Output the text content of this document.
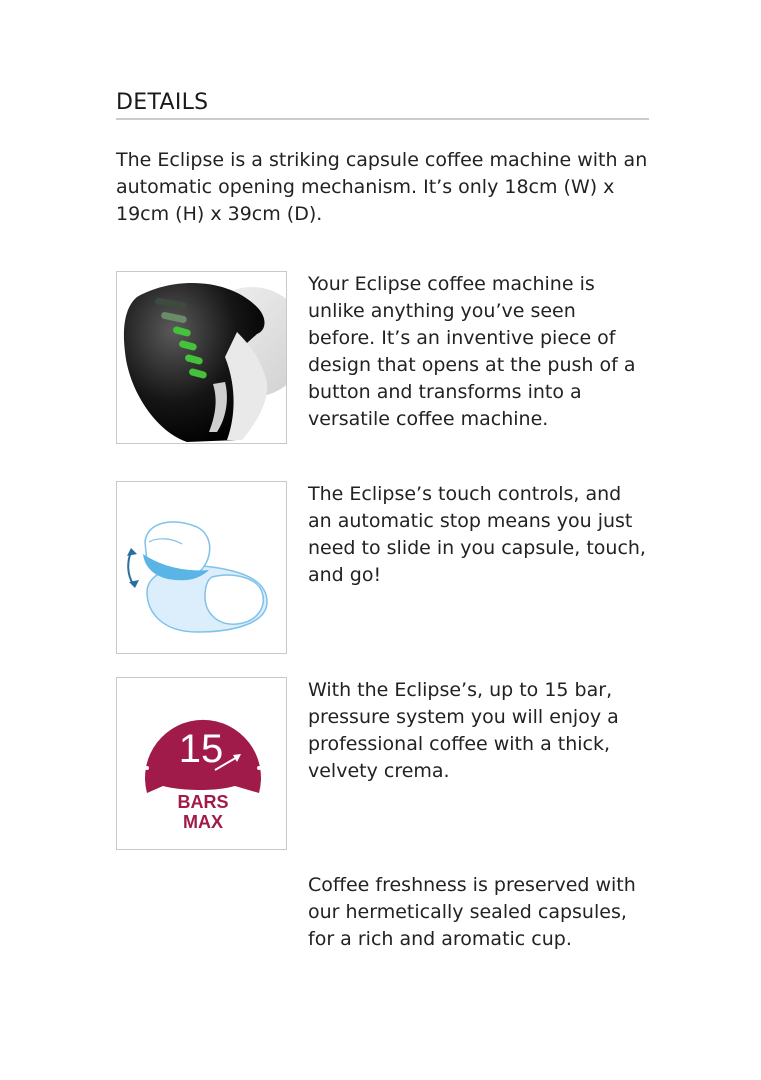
DETAILS
The Eclipse is a striking capsule coffee machine with an automatic opening mechanism. It’s only 18cm (W) x 19cm (H) x 39cm (D).
Your Eclipse coffee machine is unlike anything you’ve seen before. It’s an inventive piece of design that opens at the push of a button and transforms into a versatile coffee machine.
The Eclipse’s touch controls, and an automatic stop means you just need to slide in you capsule, touch, and go!
15
BARS
MAX
With the Eclipse’s, up to 15 bar, pressure system you will enjoy a professional coffee with a thick, velvety crema.
Coffee freshness is preserved with our hermetically sealed capsules, for a rich and aromatic cup.
